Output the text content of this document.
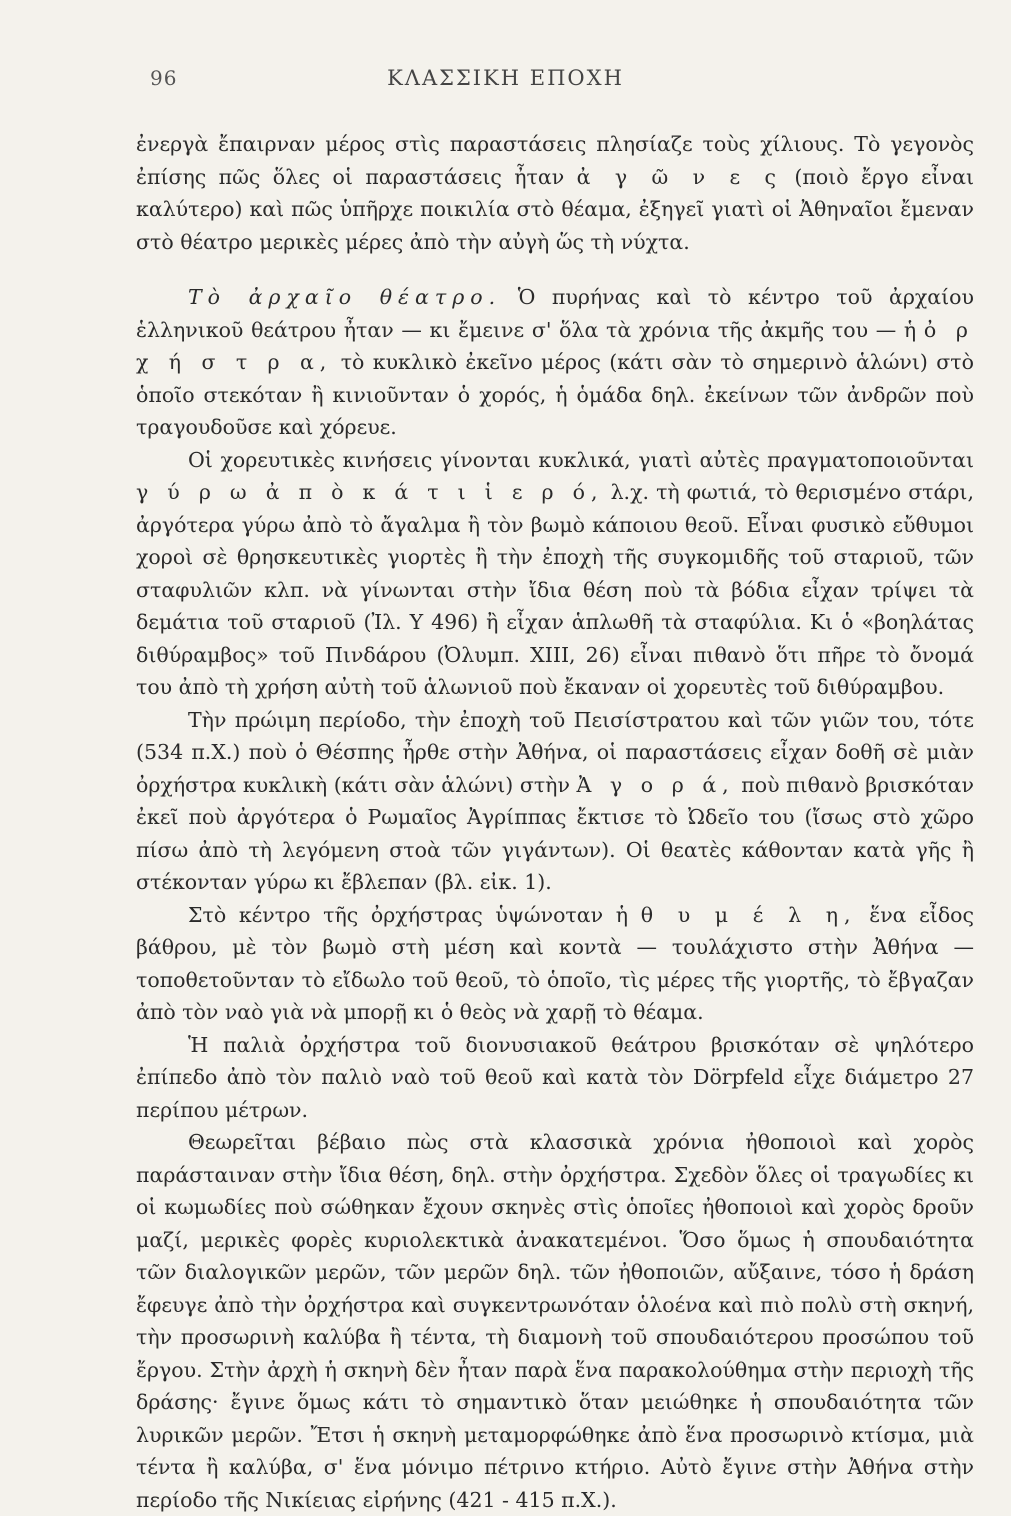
96	ΚΛΑΣΣΙΚΗ ΕΠΟΧΗ

ἐνεργὰ ἔπαιρναν μέρος στὶς παραστάσεις πλησίαζε τοὺς χίλιους. Τὸ γεγονὸς ἐπίσης πῶς ὅλες οἱ παραστάσεις ἦταν ἀ γ ῶ ν ε ς (ποιὸ ἔργο εἶναι καλύτερο) καὶ πῶς ὑπῆρχε ποικιλία στὸ θέαμα, ἐξηγεῖ γιατὶ οἱ Ἀθηναῖοι ἔμεναν στὸ θέατρο μερικὲς μέρες ἀπὸ τὴν αὐγὴ ὥς τὴ νύχτα.

Τὸ ἀρχαῖο θέατρο. Ὁ πυρήνας καὶ τὸ κέντρο τοῦ ἀρχαίου ἑλληνικοῦ θεάτρου ἦταν — κι ἔμεινε σ' ὅλα τὰ χρόνια τῆς ἀκμῆς του — ἡ ὀ ρ χ ή σ τ ρ α, τὸ κυκλικὸ ἐκεῖνο μέρος (κάτι σὰν τὸ σημερινὸ ἁλώνι) στὸ ὁποῖο στεκόταν ἢ κινιοῦνταν ὁ χορός, ἡ ὁμάδα δηλ. ἐκείνων τῶν ἀνδρῶν ποὺ τραγουδοῦσε καὶ χόρευε.

Οἱ χορευτικὲς κινήσεις γίνονται κυκλικά, γιατὶ αὐτὲς πραγματοποιοῦνται γ ύ ρ ω ἀ π ὸ κ ά τ ι ἱ ε ρ ό, λ.χ. τὴ φωτιά, τὸ θερισμένο στάρι, ἀργότερα γύρω ἀπὸ τὸ ἄγαλμα ἢ τὸν βωμὸ κάποιου θεοῦ. Εἶναι φυσικὸ εὔθυμοι χοροὶ σὲ θρησκευτικὲς γιορτὲς ἢ τὴν ἐποχὴ τῆς συγκομιδῆς τοῦ σταριοῦ, τῶν σταφυλιῶν κλπ. νὰ γίνωνται στὴν ἴδια θέση ποὺ τὰ βόδια εἶχαν τρίψει τὰ δεμάτια τοῦ σταριοῦ (Ἰλ. Υ 496) ἢ εἶχαν ἁπλωθῆ τὰ σταφύλια. Κι ὁ «βοηλάτας διθύραμβος» τοῦ Πινδάρου (Ὀλυμπ. XIII, 26) εἶναι πιθανὸ ὅτι πῆρε τὸ ὄνομά του ἀπὸ τὴ χρήση αὐτὴ τοῦ ἁλωνιοῦ ποὺ ἔκαναν οἱ χορευτὲς τοῦ διθύραμβου.

Τὴν πρώιμη περίοδο, τὴν ἐποχὴ τοῦ Πεισίστρατου καὶ τῶν γιῶν του, τότε (534 π.Χ.) ποὺ ὁ Θέσπης ἦρθε στὴν Ἀθήνα, οἱ παραστάσεις εἶχαν δοθῆ σὲ μιὰν ὀρχήστρα κυκλικὴ (κάτι σὰν ἁλώνι) στὴν Ἀ γ ο ρ ά, ποὺ πιθανὸ βρισκόταν ἐκεῖ ποὺ ἀργότερα ὁ Ρωμαῖος Ἀγρίππας ἔκτισε τὸ Ὠδεῖο του (ἴσως στὸ χῶρο πίσω ἀπὸ τὴ λεγόμενη στοὰ τῶν γιγάντων). Οἱ θεατὲς κάθονταν κατὰ γῆς ἢ στέκονταν γύρω κι ἔβλεπαν (βλ. εἰκ. 1).

Στὸ κέντρο τῆς ὀρχήστρας ὑψώνοταν ἡ θ υ μ έ λ η, ἕνα εἶδος βάθρου, μὲ τὸν βωμὸ στὴ μέση καὶ κοντὰ — τουλάχιστο στὴν Ἀθήνα — τοποθετοῦνταν τὸ εἴδωλο τοῦ θεοῦ, τὸ ὁποῖο, τὶς μέρες τῆς γιορτῆς, τὸ ἔβγαζαν ἀπὸ τὸν ναὸ γιὰ νὰ μπορῇ κι ὁ θεὸς νὰ χαρῇ τὸ θέαμα.

Ἡ παλιὰ ὀρχήστρα τοῦ διονυσιακοῦ θεάτρου βρισκόταν σὲ ψηλότερο ἐπίπεδο ἀπὸ τὸν παλιὸ ναὸ τοῦ θεοῦ καὶ κατὰ τὸν Dörpfeld εἶχε διάμετρο 27 περίπου μέτρων.

Θεωρεῖται βέβαιο πὼς στὰ κλασσικὰ χρόνια ἠθοποιοὶ καὶ χορὸς παράσταιναν στὴν ἴδια θέση, δηλ. στὴν ὀρχήστρα. Σχεδὸν ὅλες οἱ τραγωδίες κι οἱ κωμωδίες ποὺ σώθηκαν ἔχουν σκηνὲς στὶς ὁποῖες ἠθοποιοὶ καὶ χορὸς δροῦν μαζί, μερικὲς φορὲς κυριολεκτικὰ ἀνακατεμένοι. Ὅσο ὅμως ἡ σπουδαιότητα τῶν διαλογικῶν μερῶν, τῶν μερῶν δηλ. τῶν ἠθοποιῶν, αὔξαινε, τόσο ἡ δράση ἔφευγε ἀπὸ τὴν ὀρχήστρα καὶ συγκεντρωνόταν ὁλοένα καὶ πιὸ πολὺ στὴ σκηνή, τὴν προσωρινὴ καλύβα ἢ τέντα, τὴ διαμονὴ τοῦ σπουδαιότερου προσώπου τοῦ ἔργου. Στὴν ἀρχὴ ἡ σκηνὴ δὲν ἦταν παρὰ ἕνα παρακολούθημα στὴν περιοχὴ τῆς δράσης· ἔγινε ὅμως κάτι τὸ σημαντικὸ ὅταν μειώθηκε ἡ σπουδαιότητα τῶν λυρικῶν μερῶν. Ἔτσι ἡ σκηνὴ μεταμορφώθηκε ἀπὸ ἕνα προσωρινὸ κτίσμα, μιὰ τέντα ἢ καλύβα, σ' ἕνα μόνιμο πέτρινο κτήριο. Αὐτὸ ἔγινε στὴν Ἀθήνα στὴν περίοδο τῆς Νικίειας εἰρήνης (421 - 415 π.Χ.).
